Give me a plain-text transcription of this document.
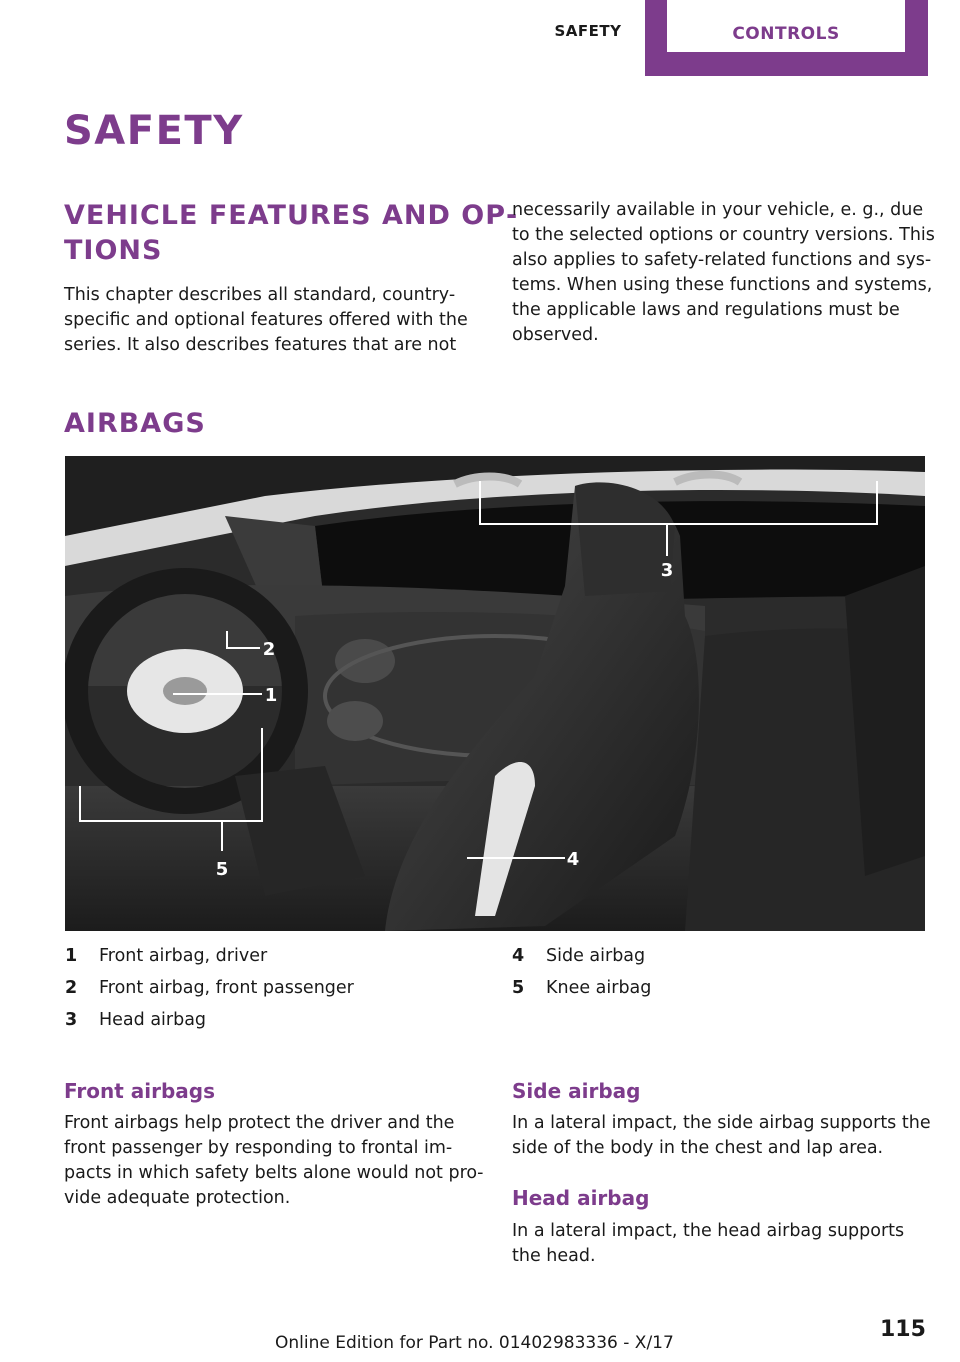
SAFETY	CONTROLS
SAFETY
VEHICLE FEATURES AND OP‐
TIONS

This chapter describes all standard, country-
specific and optional features offered with the
series. It also describes features that are not

necessarily available in your vehicle, e. g., due
to the selected options or country versions. This
also applies to safety-related functions and sys‐
tems. When using these functions and systems,
the applicable laws and regulations must be
observed.

AIRBAGS
3
2
1
4
5
1 Front airbag, driver
2 Front airbag, front passenger
3 Head airbag
4 Side airbag
5 Knee airbag
Front airbags

Front airbags help protect the driver and the
front passenger by responding to frontal im‐
pacts in which safety belts alone would not pro‐
vide adequate protection.

Side airbag

In a lateral impact, the side airbag supports the
side of the body in the chest and lap area.

Head airbag

In a lateral impact, the head airbag supports
the head.

115
Online Edition for Part no. 01402983336 - X/17
